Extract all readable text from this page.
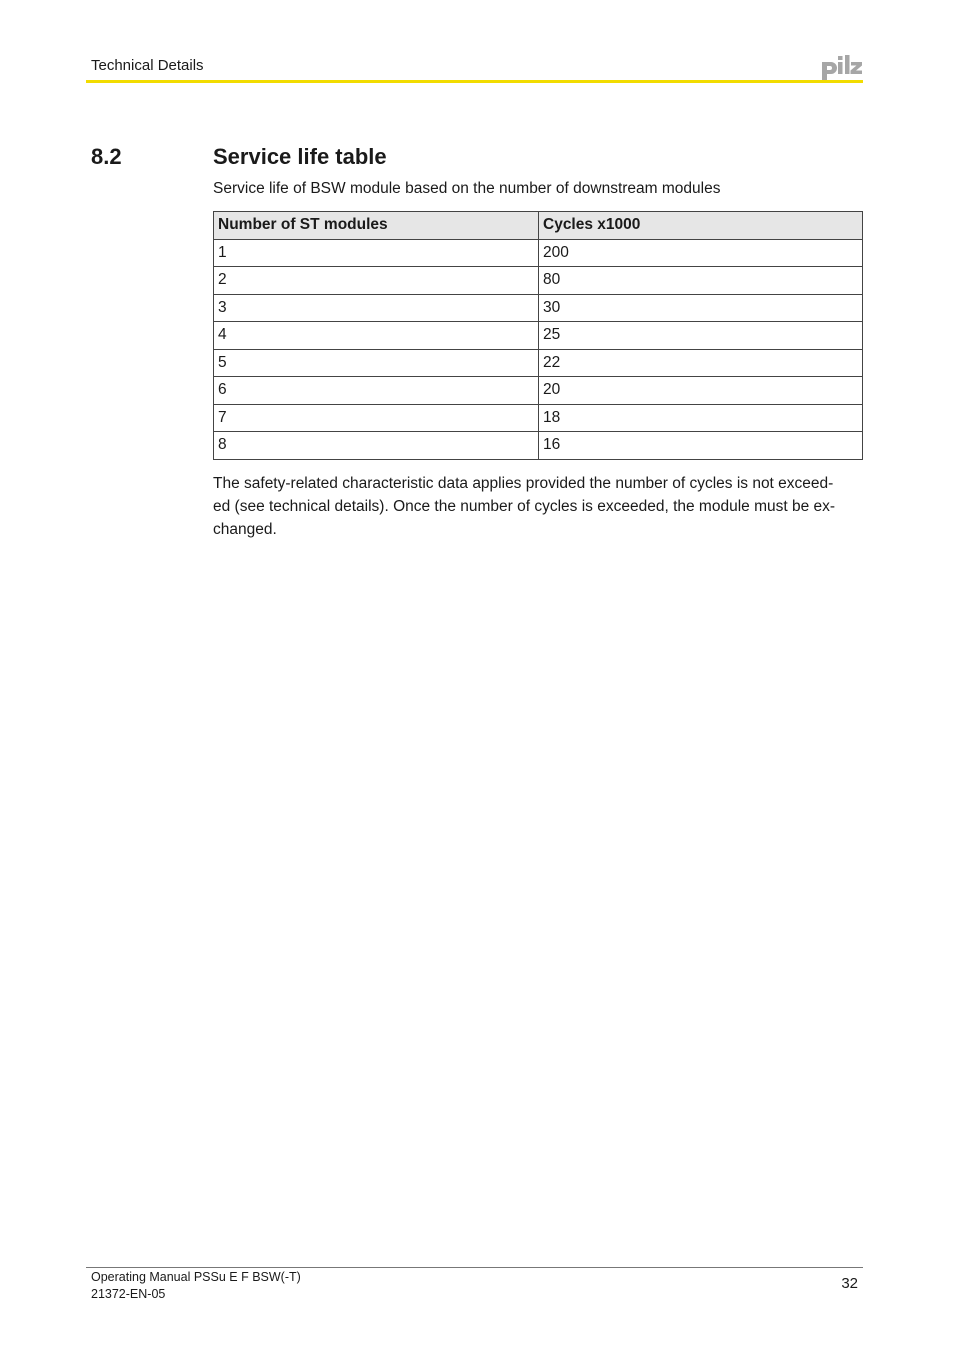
Technical Details
8.2	Service life table
Service life of BSW module based on the number of downstream modules
Number of ST modules	Cycles x1000
1	200
2	80
3	30
4	25
5	22
6	20
7	18
8	16

The safety-related characteristic data applies provided the number of cycles is not exceed-

ed (see technical details). Once the number of cycles is exceeded, the module must be ex-

changed.

Operating Manual PSSu E F BSW(-T)
21372-EN-05
32
